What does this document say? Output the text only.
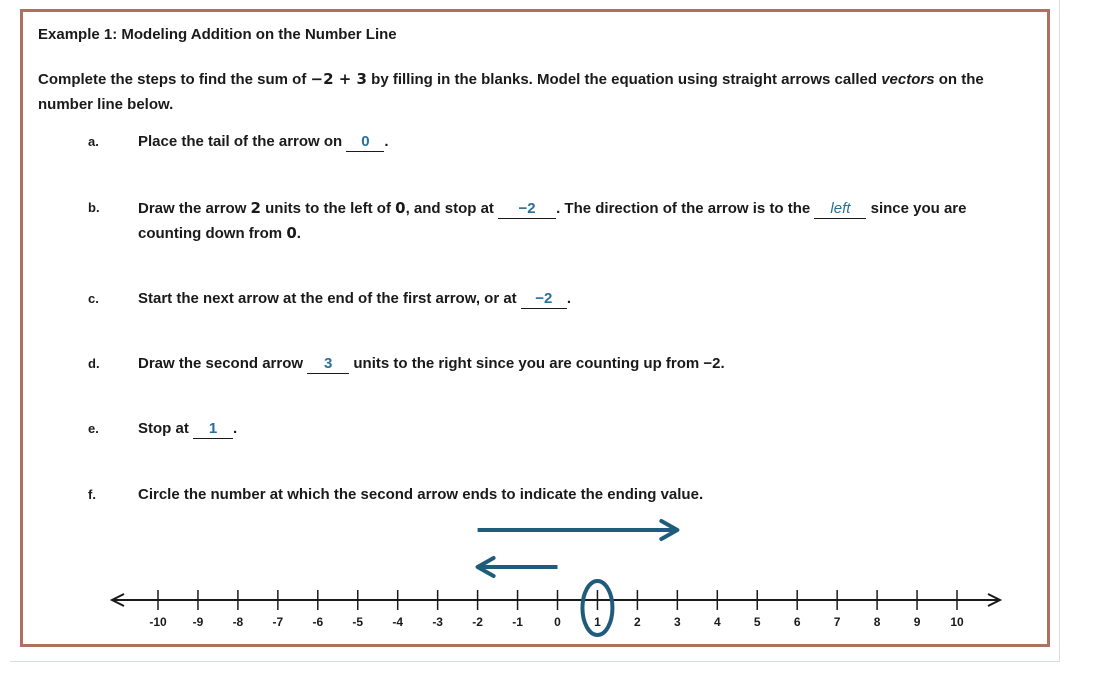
Example 1: Modeling Addition on the Number Line
Complete the steps to find the sum of −2 + 3 by filling in the blanks. Model the equation using straight arrows called vectors on the number line below.
a.	Place the tail of the arrow on 0 .
b.	Draw the arrow 2 units to the left of 0, and stop at −2 . The direction of the arrow is to the left since you are counting down from 0.
c.	Start the next arrow at the end of the first arrow, or at −2 .
d.	Draw the second arrow 3 units to the right since you are counting up from −2.
e.	Stop at 1 .
f.	Circle the number at which the second arrow ends to indicate the ending value.
-10 -9 -8 -7 -6 -5 -4 -3 -2 -1	0	1	2	3	4	5	6	7	8	9 10
